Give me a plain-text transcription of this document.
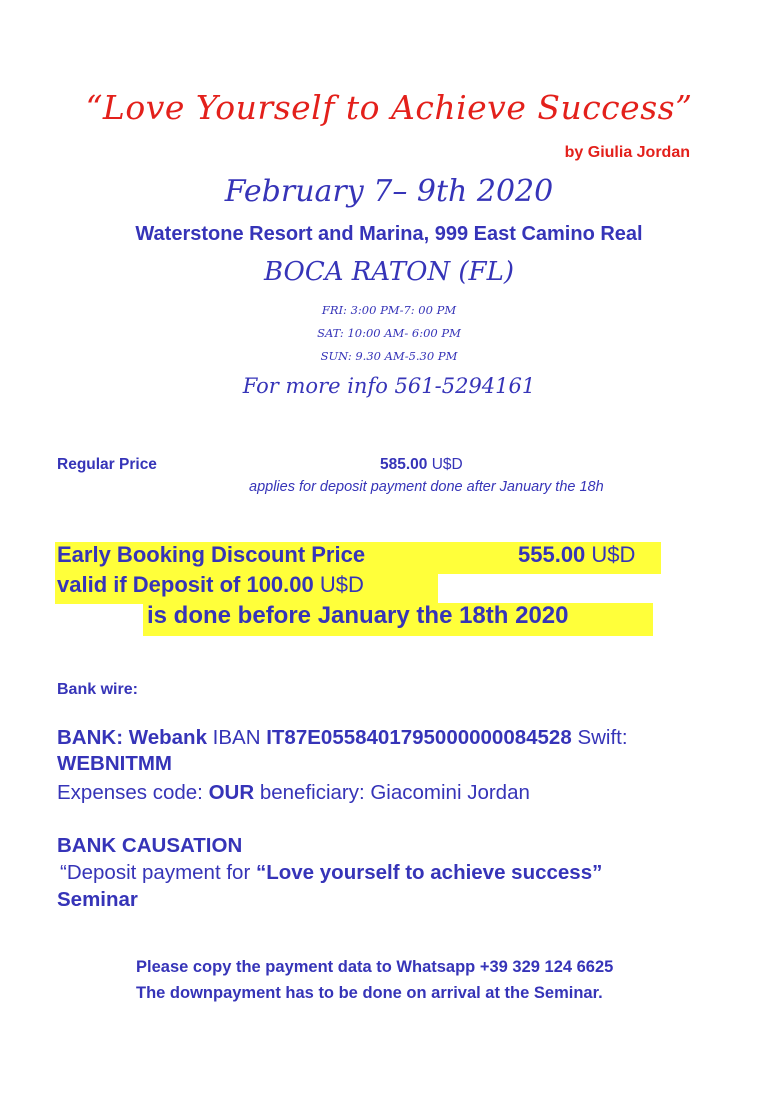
“Love Yourself to Achieve Success”
by Giulia Jordan
February 7– 9th 2020
Waterstone Resort and Marina, 999 East Camino Real
BOCA RATON (FL)
FRI: 3:00 PM-7: 00 PM
SAT: 10:00 AM- 6:00 PM
SUN: 9.30 AM-5.30 PM
For more info 561-5294161
Regular Price	585.00 U$D
applies for deposit payment done after January the 18h
Early Booking Discount Price	555.00 U$D
valid if Deposit of 100.00 U$D
is done before January the 18th 2020
Bank wire:
BANK: Webank IBAN IT87E0558401795000000084528 Swift:
WEBNITMM
Expenses code: OUR beneficiary: Giacomini Jordan
BANK CAUSATION
“Deposit payment for “Love yourself to achieve success”
Seminar
Please copy the payment data to Whatsapp +39 329 124 6625
The downpayment has to be done on arrival at the Seminar.
